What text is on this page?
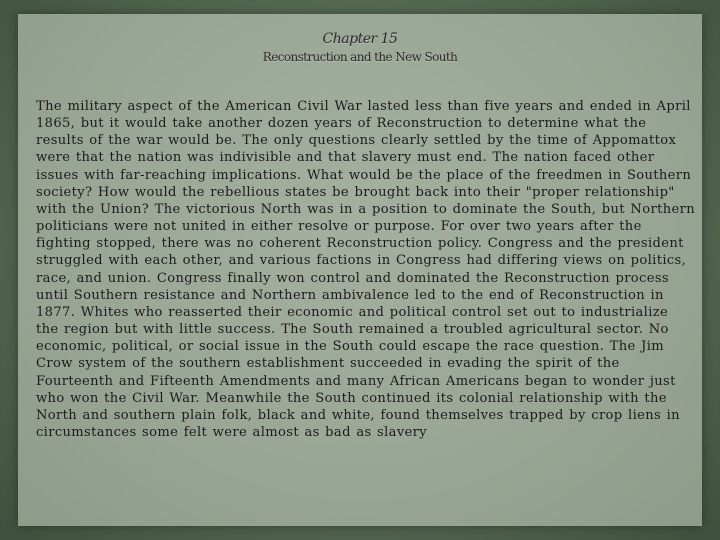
Chapter 15
Reconstruction and the New South
The military aspect of the American Civil War lasted less than five years and ended in April 1865, but it would take another dozen years of Reconstruction to determine what the results of the war would be. The only questions clearly settled by the time of Appomattox were that the nation was indivisible and that slavery must end. The nation faced other issues with far-reaching implications. What would be the place of the freedmen in Southern society? How would the rebellious states be brought back into their "proper relationship" with the Union? The victorious North was in a position to dominate the South, but Northern politicians were not united in either resolve or purpose. For over two years after the fighting stopped, there was no coherent Reconstruction policy. Congress and the president struggled with each other, and various factions in Congress had differing views on politics, race, and union. Congress finally won control and dominated the Reconstruction process until Southern resistance and Northern ambivalence led to the end of Reconstruction in 1877. Whites who reasserted their economic and political control set out to industrialize the region but with little success. The South remained a troubled agricultural sector. No economic, political, or social issue in the South could escape the race question. The Jim Crow system of the southern establishment succeeded in evading the spirit of the Fourteenth and Fifteenth Amendments and many African Americans began to wonder just who won the Civil War. Meanwhile the South continued its colonial relationship with the North and southern plain folk, black and white, found themselves trapped by crop liens in circumstances some felt were almost as bad as slavery
